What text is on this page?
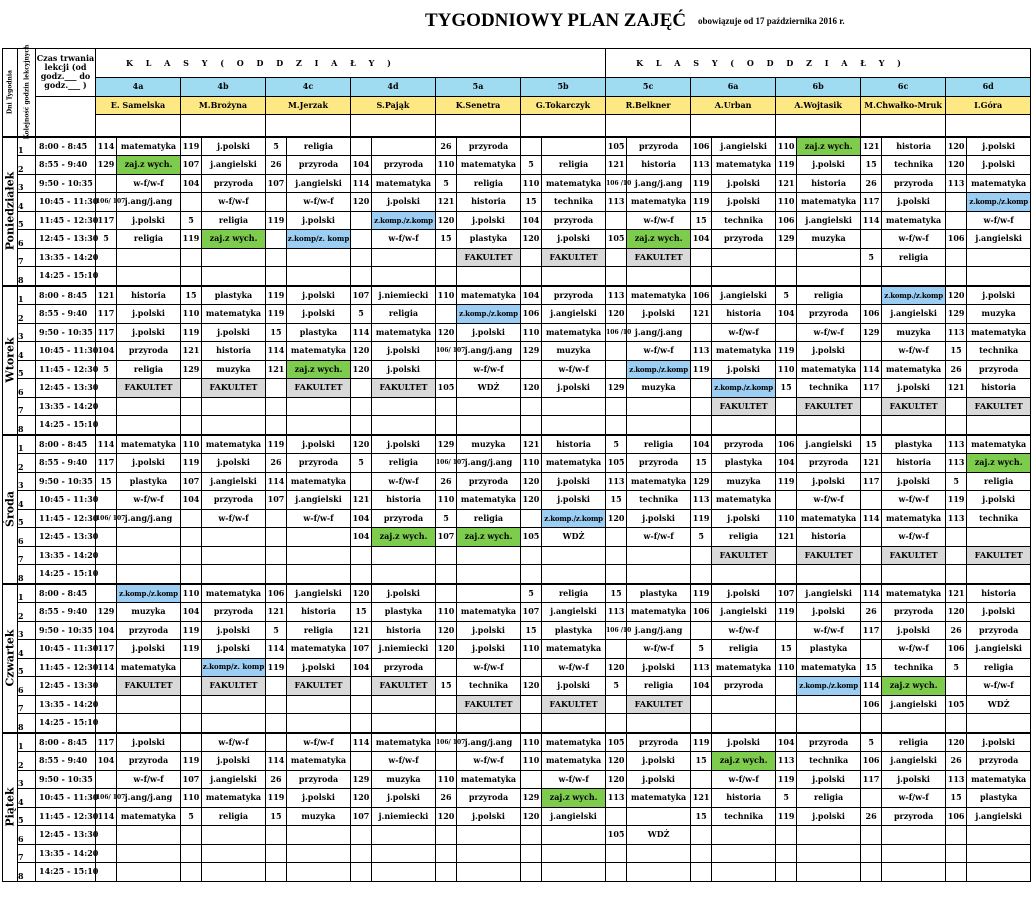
TYGODNIOWY PLAN ZAJĘĆ obowiązuje od 17 października 2016 r.
Dni Tygodnia	Kolejność godzin lekcyjnych	Czas trwania lekcji (od godz.___ do godz.___ )	K L A S Y ( O D D Z I A Ł Y )												K L A S Y ( O D D Z I A Ł Y )									
			4a		4b		4c		4d		5a		5b		5c		6a		6b		6c		6d	
			E. Samelska		M.Brożyna		M.Jerzak		S.Pająk		K.Senetra		G.Tokarczyk		R.Belkner		A.Urban		A.Wojtasik		M.Chwałko-Mruk		I.Góra	

Poniedziałek	1	8:00 - 8:45	114	matematyka	119	j.polski	5	religia			26	przyroda			105	przyroda	106	j.angielski	110	zaj.z wych.	121	historia	120	j.polski
	2	8:55 - 9:40	129	zaj.z wych.	107	j.angielski	26	przyroda	104	przyroda	110	matematyka	5	religia	121	historia	113	matematyka	119	j.polski	15	technika	120	j.polski
	3	9:50 - 10:35		w-f/w-f	104	przyroda	107	j.angielski	114	matematyka	5	religia	110	matematyka	106 /10	j.ang/j.ang	119	j.polski	121	historia	26	przyroda	113	matematyka
	4	10:45 - 11:30	106/ 107	j.ang/j.ang		w-f/w-f		w-f/w-f	120	j.polski	121	historia	15	technika	113	matematyka	119	j.polski	110	matematyka	117	j.polski		z.komp./z.komp
	5	11:45 - 12:30	117	j.polski	5	religia	119	j.polski		z.komp./z.komp	120	j.polski	104	przyroda		w-f/w-f	15	technika	106	j.angielski	114	matematyka		w-f/w-f
	6	12:45 - 13:30	5	religia	119	zaj.z wych.		z.komp/z. komp		w-f/w-f	15	plastyka	120	j.polski	105	zaj.z wych.	104	przyroda	129	muzyka		w-f/w-f	106	j.angielski
	7	13:35 - 14:20										FAKULTET		FAKULTET		FAKULTET					5	religia		
	8	14:25 - 15:10																						

Wtorek	1	8:00 - 8:45	121	historia	15	plastyka	119	j.polski	107	j.niemiecki	110	matematyka	104	przyroda	113	matematyka	106	j.angielski	5	religia		z.komp./z.komp	120	j.polski
	2	8:55 - 9:40	117	j.polski	110	matematyka	119	j.polski	5	religia		z.komp./z.komp	106	j.angielski	120	j.polski	121	historia	104	przyroda	106	j.angielski	129	muzyka
	3	9:50 - 10:35	117	j.polski	119	j.polski	15	plastyka	114	matematyka	120	j.polski	110	matematyka	106 /10	j.ang/j.ang		w-f/w-f		w-f/w-f	129	muzyka	113	matematyka
	4	10:45 - 11:30	104	przyroda	121	historia	114	matematyka	120	j.polski	106/ 107	j.ang/j.ang	129	muzyka		w-f/w-f	113	matematyka	119	j.polski		w-f/w-f	15	technika
	5	11:45 - 12:30	5	religia	129	muzyka	121	zaj.z wych.	120	j.polski		w-f/w-f		w-f/w-f		z.komp./z.komp	119	j.polski	110	matematyka	114	matematyka	26	przyroda
	6	12:45 - 13:30		FAKULTET		FAKULTET		FAKULTET		FAKULTET	105	WDŻ	120	j.polski	129	muzyka		z.komp./z.komp	15	technika	117	j.polski	121	historia
	7	13:35 - 14:20																FAKULTET		FAKULTET		FAKULTET		FAKULTET
	8	14:25 - 15:10																						

Środa	1	8:00 - 8:45	114	matematyka	110	matematyka	119	j.polski	120	j.polski	129	muzyka	121	historia	5	religia	104	przyroda	106	j.angielski	15	plastyka	113	matematyka
	2	8:55 - 9:40	117	j.polski	119	j.polski	26	przyroda	5	religia	106/ 107	j.ang/j.ang	110	matematyka	105	przyroda	15	plastyka	104	przyroda	121	historia	113	zaj.z wych.
	3	9:50 - 10:35	15	plastyka	107	j.angielski	114	matematyka		w-f/w-f	26	przyroda	120	j.polski	113	matematyka	129	muzyka	119	j.polski	117	j.polski	5	religia
	4	10:45 - 11:30		w-f/w-f	104	przyroda	107	j.angielski	121	historia	110	matematyka	120	j.polski	15	technika	113	matematyka		w-f/w-f		w-f/w-f	119	j.polski
	5	11:45 - 12:30	106/ 107	j.ang/j.ang		w-f/w-f		w-f/w-f	104	przyroda	5	religia		z.komp./z.komp	120	j.polski	119	j.polski	110	matematyka	114	matematyka	113	technika
	6	12:45 - 13:30							104	zaj.z wych.	107	zaj.z wych.	105	WDŻ		w-f/w-f	5	religia	121	historia		w-f/w-f		
	7	13:35 - 14:20																FAKULTET		FAKULTET		FAKULTET		FAKULTET
	8	14:25 - 15:10																						

Czwartek	1	8:00 - 8:45		z.komp./z.komp	110	matematyka	106	j.angielski	120	j.polski			5	religia	15	plastyka	119	j.polski	107	j.angielski	114	matematyka	121	historia
	2	8:55 - 9:40	129	muzyka	104	przyroda	121	historia	15	plastyka	110	matematyka	107	j.angielski	113	matematyka	106	j.angielski	119	j.polski	26	przyroda	120	j.polski
	3	9:50 - 10:35	104	przyroda	119	j.polski	5	religia	121	historia	120	j.polski	15	plastyka	106 /10	j.ang/j.ang		w-f/w-f		w-f/w-f	117	j.polski	26	przyroda
	4	10:45 - 11:30	117	j.polski	119	j.polski	114	matematyka	107	j.niemiecki	120	j.polski	110	matematyka		w-f/w-f	5	religia	15	plastyka		w-f/w-f	106	j.angielski
	5	11:45 - 12:30	114	matematyka		z.komp/z. komp	119	j.polski	104	przyroda		w-f/w-f		w-f/w-f	120	j.polski	113	matematyka	110	matematyka	15	technika	5	religia
	6	12:45 - 13:30		FAKULTET		FAKULTET		FAKULTET		FAKULTET	15	technika	120	j.polski	5	religia	104	przyroda		z.komp./z.komp	114	zaj.z wych.		w-f/w-f
	7	13:35 - 14:20										FAKULTET		FAKULTET		FAKULTET					106	j.angielski	105	WDŻ
	8	14:25 - 15:10																						

Piątek	1	8:00 - 8:45	117	j.polski		w-f/w-f		w-f/w-f	114	matematyka	106/ 107	j.ang/j.ang	110	matematyka	105	przyroda	119	j.polski	104	przyroda	5	religia	120	j.polski
	2	8:55 - 9:40	104	przyroda	119	j.polski	114	matematyka		w-f/w-f		w-f/w-f	110	matematyka	120	j.polski	15	zaj.z wych.	113	technika	106	j.angielski	26	przyroda
	3	9:50 - 10:35		w-f/w-f	107	j.angielski	26	przyroda	129	muzyka	110	matematyka		w-f/w-f	120	j.polski		w-f/w-f	119	j.polski	117	j.polski	113	matematyka
	4	10:45 - 11:30	106/ 107	j.ang/j.ang	110	matematyka	119	j.polski	120	j.polski	26	przyroda	129	zaj.z wych.	113	matematyka	121	historia	5	religia		w-f/w-f	15	plastyka
	5	11:45 - 12:30	114	matematyka	5	religia	15	muzyka	107	j.niemiecki	120	j.polski	120	j.angielski			15	technika	119	j.polski	26	przyroda	106	j.angielski
	6	12:45 - 13:30													105	WDŻ								
	7	13:35 - 14:20																						
	8	14:25 - 15:10																						
